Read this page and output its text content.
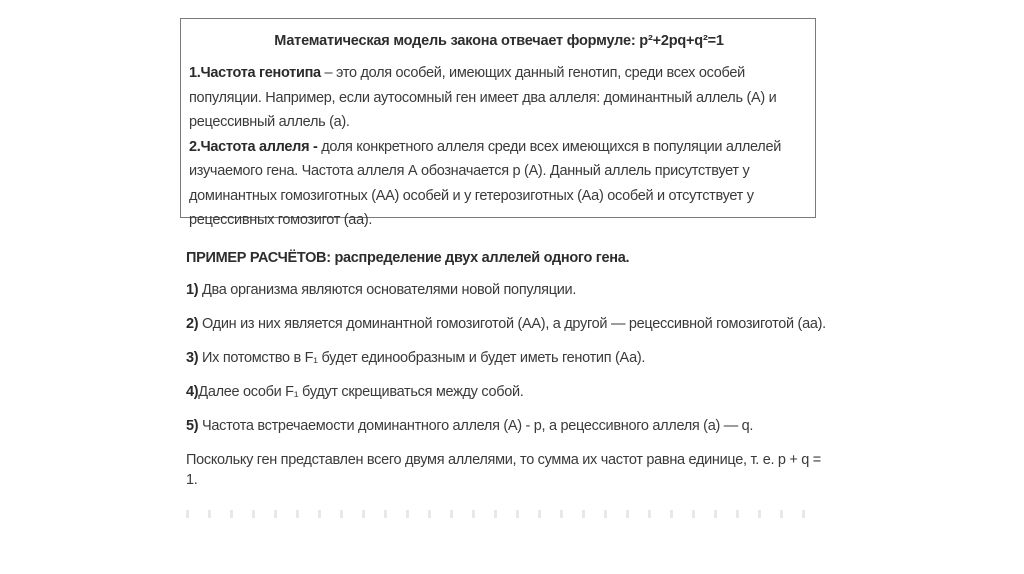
Математическая модель закона отвечает формуле: p²+2pq+q²=1

1.Частота генотипа – это доля особей, имеющих данный генотип, среди всех особей популяции. Например, если аутосомный ген имеет два аллеля: доминантный аллель (А) и рецессивный аллель (а).

2.Частота аллеля - доля конкретного аллеля среди всех имеющихся в популяции аллелей изучаемого гена. Частота аллеля А обозначается р (А). Данный аллель присутствует у доминантных гомозиготных (АА) особей и у гетерозиготных (Аа) особей и отсутствует у рецессивных гомозигот (аа).

ПРИМЕР РАСЧЁТОВ: распределение двух аллелей одного гена.

1) Два организма являются основателями новой популяции.

2) Один из них является доминантной гомозиготой (АА), а другой — рецессивной гомозиготой (аа).

3) Их потомство в F₁ будет единообразным и будет иметь генотип (Аа).

4)Далее особи F₁ будут скрещиваться между собой.

5) Частота встречаемости доминантного аллеля (А) - р, а рецессивного аллеля (а) — q.

Поскольку ген представлен всего двумя аллелями, то сумма их частот равна единице, т. е. p + q = 1.
